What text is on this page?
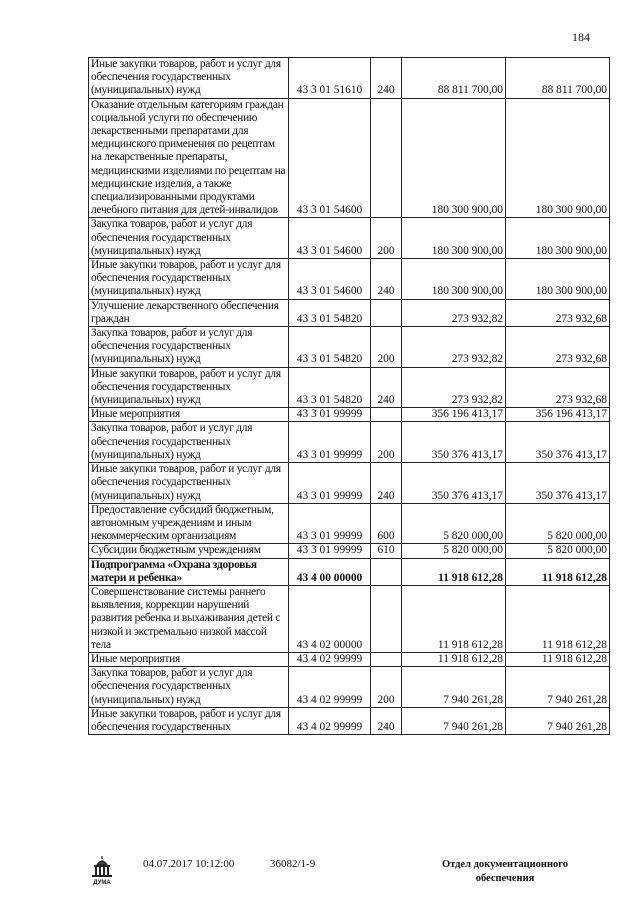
184
Иные закупки товаров, работ и услуг для обеспечения государственных (муниципальных) нужд	43 3 01 51610	240	88 811 700,00	88 811 700,00
Оказание отдельным категориям граждан социальной услуги по обеспечению лекарственными препаратами для медицинского применения по рецептам на лекарственные препараты, медицинскими изделиями по рецептам на медицинские изделия, а также специализированными продуктами лечебного питания для детей-инвалидов	43 3 01 54600		180 300 900,00	180 300 900,00
Закупка товаров, работ и услуг для обеспечения государственных (муниципальных) нужд	43 3 01 54600	200	180 300 900,00	180 300 900,00
Иные закупки товаров, работ и услуг для обеспечения государственных (муниципальных) нужд	43 3 01 54600	240	180 300 900,00	180 300 900,00
Улучшение лекарственного обеспечения граждан	43 3 01 54820		273 932,82	273 932,68
Закупка товаров, работ и услуг для обеспечения государственных (муниципальных) нужд	43 3 01 54820	200	273 932,82	273 932,68
Иные закупки товаров, работ и услуг для обеспечения государственных (муниципальных) нужд	43 3 01 54820	240	273 932,82	273 932,68
Иные мероприятия	43 3 01 99999		356 196 413,17	356 196 413,17
Закупка товаров, работ и услуг для обеспечения государственных (муниципальных) нужд	43 3 01 99999	200	350 376 413,17	350 376 413,17
Иные закупки товаров, работ и услуг для обеспечения государственных (муниципальных) нужд	43 3 01 99999	240	350 376 413,17	350 376 413,17
Предоставление субсидий бюджетным, автономным учреждениям и иным некоммерческим организациям	43 3 01 99999	600	5 820 000,00	5 820 000,00
Субсидии бюджетным учреждениям	43 3 01 99999	610	5 820 000,00	5 820 000,00
Подпрограмма «Охрана здоровья матери и ребенка»	43 4 00 00000		11 918 612,28	11 918 612,28
Совершенствование системы раннего выявления, коррекции нарушений развития ребенка и выхаживания детей с низкой и экстремально низкой массой тела	43 4 02 00000		11 918 612,28	11 918 612,28
Иные мероприятия	43 4 02 99999		11 918 612,28	11 918 612,28
Закупка товаров, работ и услуг для обеспечения государственных (муниципальных) нужд	43 4 02 99999	200	7 940 261,28	7 940 261,28
Иные закупки товаров, работ и услуг для обеспечения государственных	43 4 02 99999	240	7 940 261,28	7 940 261,28
ДУМА
04.07.2017 10:12:00	36082/1-9	Отдел документационного
обеспечения
